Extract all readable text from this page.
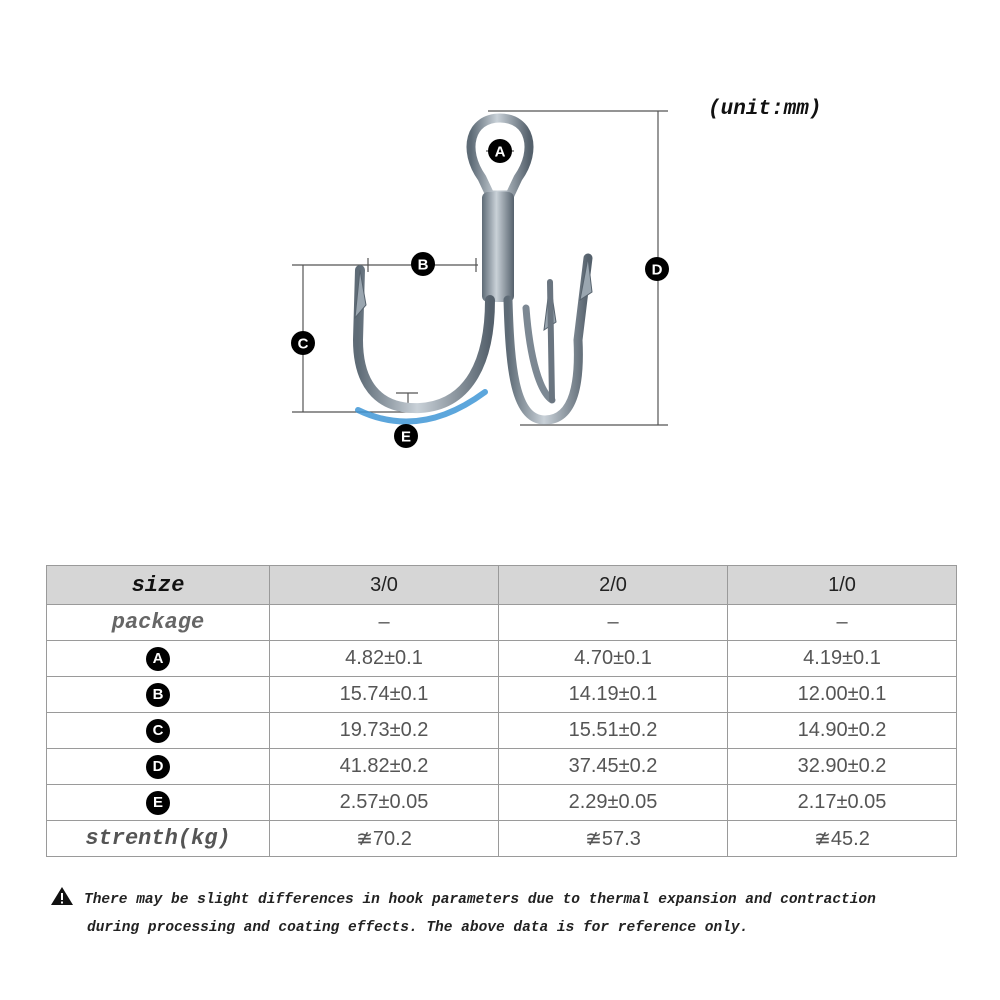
A
B
C
D
E
(unit:mm)
size	3/0	2/0	1/0
package	–	–	–
A	4.82±0.1	4.70±0.1	4.19±0.1
B	15.74±0.1	14.19±0.1	12.00±0.1
C	19.73±0.2	15.51±0.2	14.90±0.2
D	41.82±0.2	37.45±0.2	32.90±0.2
E	2.57±0.05	2.29±0.05	2.17±0.05
strenth(kg)	≇70.2	≇57.3	≇45.2
There may be slight differences in hook parameters due to thermal expansion and contraction
during processing and coating effects. The above data is for reference only.
